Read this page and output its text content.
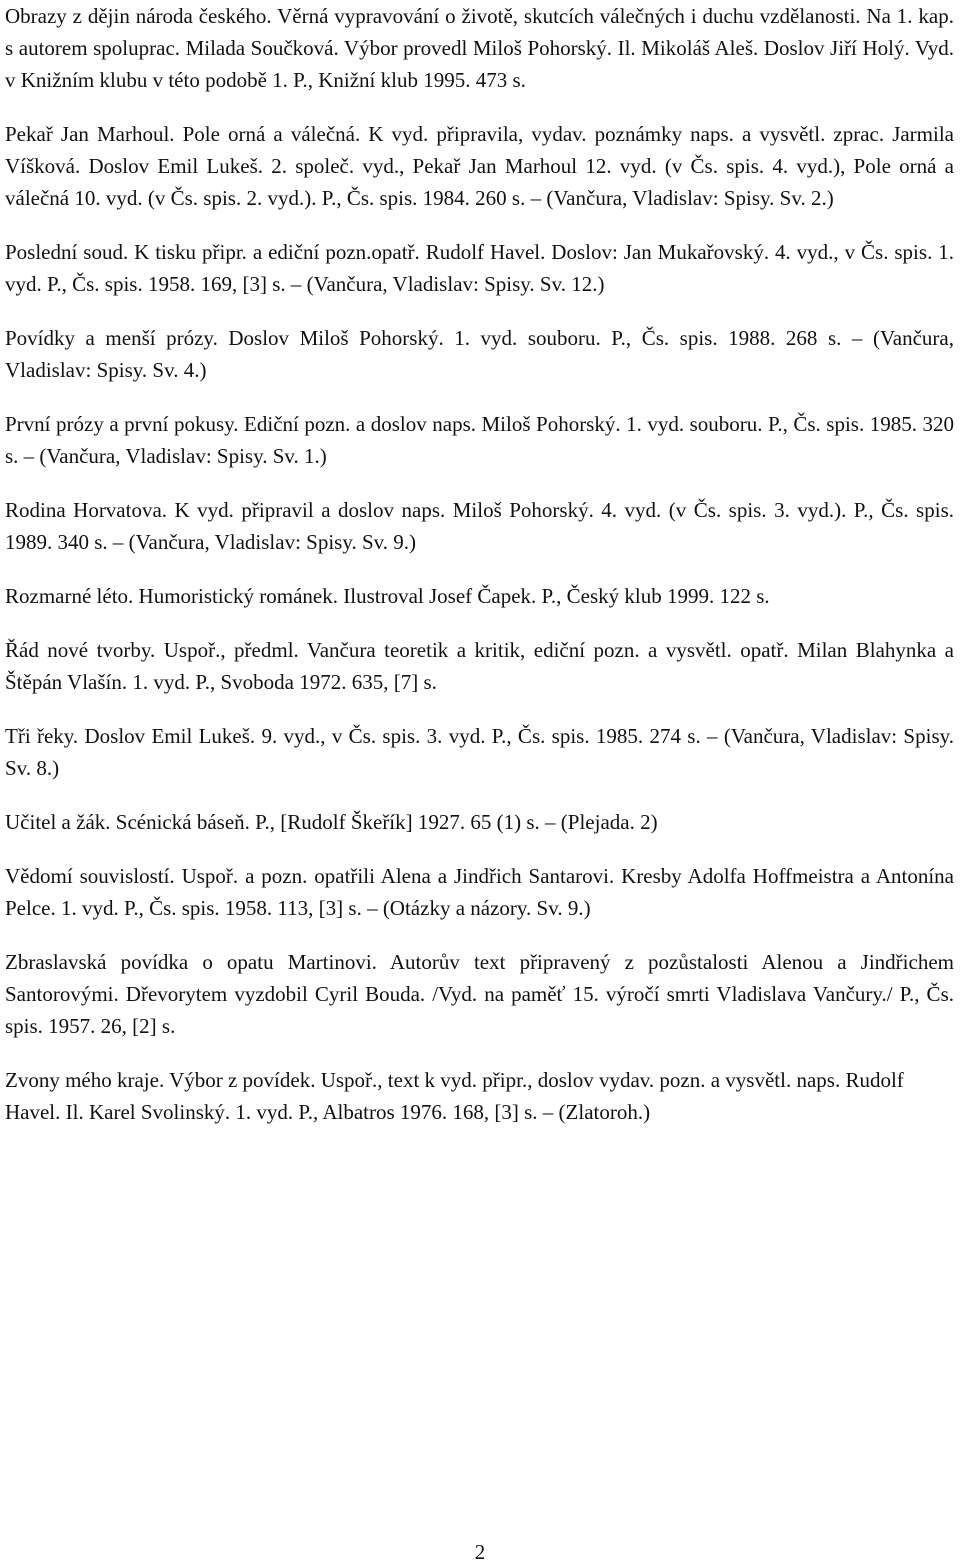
Obrazy z dějin národa českého. Věrná vypravování o životě, skutcích válečných i duchu vzdělanosti. Na 1. kap. s autorem spoluprac. Milada Součková. Výbor provedl Miloš Pohorský. Il. Mikoláš Aleš. Doslov Jiří Holý. Vyd. v Knižním klubu v této podobě 1. P., Knižní klub 1995. 473 s.

Pekař Jan Marhoul. Pole orná a válečná. K vyd. připravila, vydav. poznámky naps. a vysvětl. zprac. Jarmila Víšková. Doslov Emil Lukeš. 2. společ. vyd., Pekař Jan Marhoul 12. vyd. (v Čs. spis. 4. vyd.), Pole orná a válečná 10. vyd. (v Čs. spis. 2. vyd.). P., Čs. spis. 1984. 260 s. – (Vančura, Vladislav: Spisy. Sv. 2.)

Poslední soud. K tisku připr. a ediční pozn.opatř. Rudolf Havel. Doslov: Jan Mukařovský. 4. vyd., v Čs. spis. 1. vyd. P., Čs. spis. 1958. 169, [3] s. – (Vančura, Vladislav: Spisy. Sv. 12.)

Povídky a menší prózy. Doslov Miloš Pohorský. 1. vyd. souboru. P., Čs. spis. 1988. 268 s. – (Vančura, Vladislav: Spisy. Sv. 4.)

První prózy a první pokusy. Ediční pozn. a doslov naps. Miloš Pohorský. 1. vyd. souboru. P., Čs. spis. 1985. 320 s. – (Vančura, Vladislav: Spisy. Sv. 1.)

Rodina Horvatova. K vyd. připravil a doslov naps. Miloš Pohorský. 4. vyd. (v Čs. spis. 3. vyd.). P., Čs. spis. 1989. 340 s. – (Vančura, Vladislav: Spisy. Sv. 9.)

Rozmarné léto. Humoristický románek. Ilustroval Josef Čapek. P., Český klub 1999. 122 s.

Řád nové tvorby. Uspoř., předml. Vančura teoretik a kritik, ediční pozn. a vysvětl. opatř. Milan Blahynka a Štěpán Vlašín. 1. vyd. P., Svoboda 1972. 635, [7] s.

Tři řeky. Doslov Emil Lukeš. 9. vyd., v Čs. spis. 3. vyd. P., Čs. spis. 1985. 274 s. – (Vančura, Vladislav: Spisy. Sv. 8.)

Učitel a žák. Scénická báseň. P., [Rudolf Škeřík] 1927. 65 (1) s. – (Plejada. 2)

Vědomí souvislostí. Uspoř. a pozn. opatřili Alena a Jindřich Santarovi. Kresby Adolfa Hoffmeistra a Antonína Pelce. 1. vyd. P., Čs. spis. 1958. 113, [3] s. – (Otázky a názory. Sv. 9.)

Zbraslavská povídka o opatu Martinovi. Autorův text připravený z pozůstalosti Alenou a Jindřichem Santorovými. Dřevorytem vyzdobil Cyril Bouda. /Vyd. na paměť 15. výročí smrti Vladislava Vančury./ P., Čs. spis. 1957. 26, [2] s.

Zvony mého kraje. Výbor z povídek. Uspoř., text k vyd. připr., doslov vydav. pozn. a vysvětl. naps. Rudolf Havel. Il. Karel Svolinský. 1. vyd. P., Albatros 1976. 168, [3] s. – (Zlatoroh.)

2
